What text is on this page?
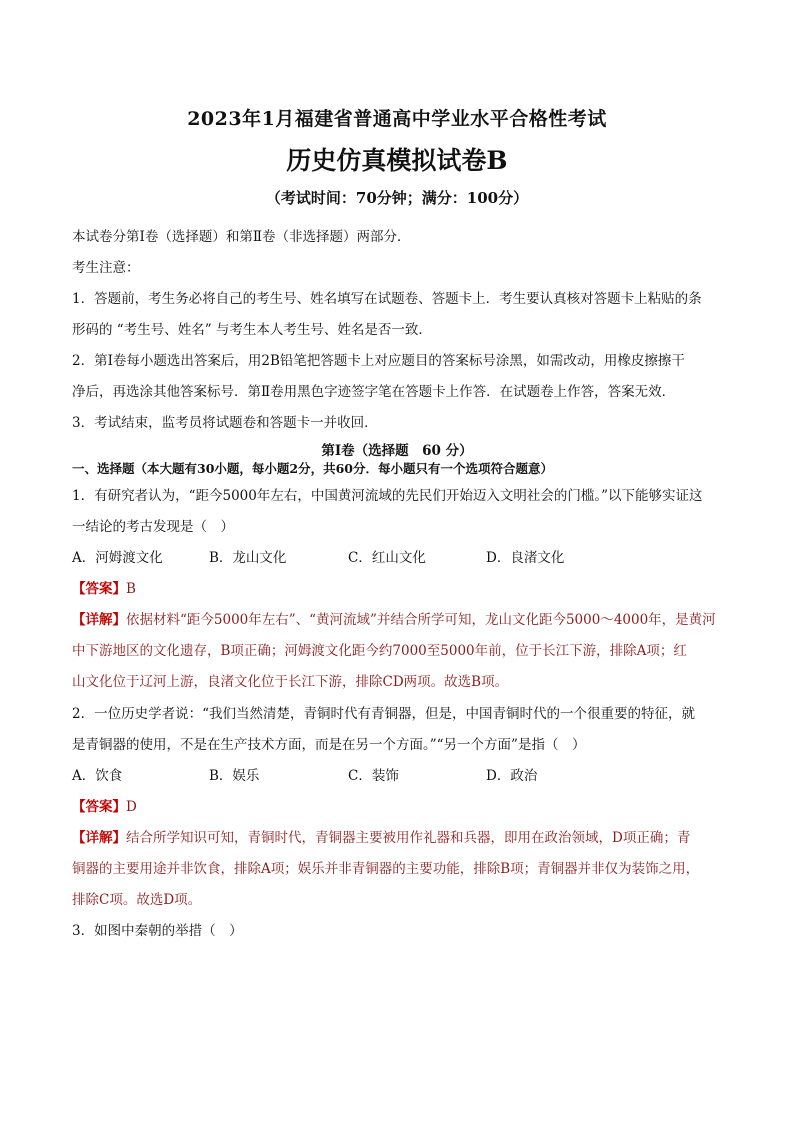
2023年1月福建省普通高中学业水平合格性考试
历史仿真模拟试卷B
（考试时间：70分钟；满分：100分）
本试卷分第Ⅰ卷（选择题）和第Ⅱ卷（非选择题）两部分．
考生注意：
1．答题前，考生务必将自己的考生号、姓名填写在试题卷、答题卡上．考生要认真核对答题卡上粘贴的条
形码的 “考生号、姓名” 与考生本人考生号、姓名是否一致．
2．第Ⅰ卷每小题选出答案后，用2B铅笔把答题卡上对应题目的答案标号涂黑，如需改动，用橡皮擦擦干
净后，再选涂其他答案标号．第Ⅱ卷用黑色字迹签字笔在答题卡上作答．在试题卷上作答，答案无效．
3．考试结束，监考员将试题卷和答题卡一并收回．
第Ⅰ卷（选择题　60 分）
一、选择题（本大题有30小题，每小题2分，共60分．每小题只有一个选项符合题意）
1．有研究者认为，“距今5000年左右，中国黄河流域的先民们开始迈入文明社会的门槛。”以下能够实证这
一结论的考古发现是（　）
A．河姆渡文化	B．龙山文化	C．红山文化	D．良渚文化
【答案】B
【详解】依据材料“距今5000年左右”、“黄河流域”并结合所学可知，龙山文化距今5000～4000年，是黄河
中下游地区的文化遗存，B项正确；河姆渡文化距今约7000至5000年前，位于长江下游，排除A项；红
山文化位于辽河上游，良渚文化位于长江下游，排除CD两项。故选B项。
2．一位历史学者说：“我们当然清楚，青铜时代有青铜器，但是，中国青铜时代的一个很重要的特征，就
是青铜器的使用，不是在生产技术方面，而是在另一个方面。”“另一个方面”是指（　）
A．饮食	B．娱乐	C．装饰	D．政治
【答案】D
【详解】结合所学知识可知，青铜时代，青铜器主要被用作礼器和兵器，即用在政治领域，D项正确；青
铜器的主要用途并非饮食，排除A项；娱乐并非青铜器的主要功能，排除B项；青铜器并非仅为装饰之用，
排除C项。故选D项。
3．如图中秦朝的举措（　）
